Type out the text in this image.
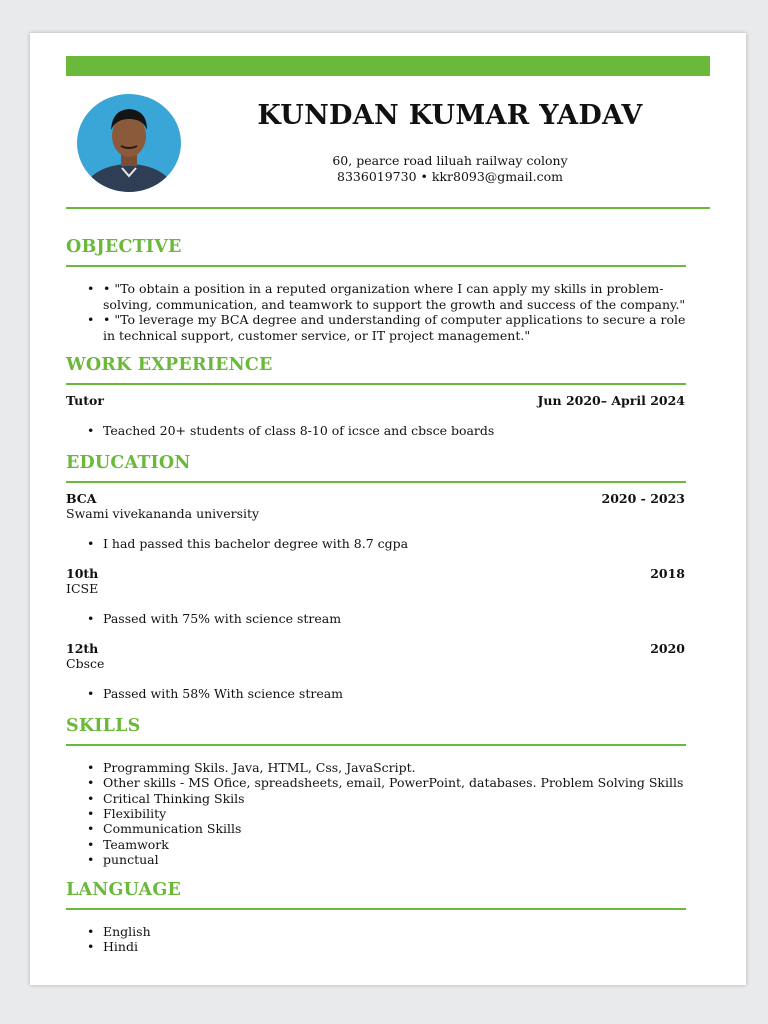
KUNDAN KUMAR YADAV
60, pearce road liluah railway colony
8336019730 • kkr8093@gmail.com
OBJECTIVE
• • "To obtain a position in a reputed organization where I can apply my skills in problem-solving, communication, and teamwork to support the growth and success of the company."
• • "To leverage my BCA degree and understanding of computer applications to secure a role in technical support, customer service, or IT project management."
WORK EXPERIENCE
Tutor	Jun 2020– April 2024
• Teached 20+ students of class 8-10 of icsce and cbsce boards
EDUCATION
BCA	2020 - 2023
Swami vivekananda university
• I had passed this bachelor degree with 8.7 cgpa
10th	2018
ICSE
• Passed with 75% with science stream
12th	2020
Cbsce
• Passed with 58% With science stream
SKILLS
• Programming Skils. Java, HTML, Css, JavaScript.
• Other skills - MS Ofice, spreadsheets, email, PowerPoint, databases. Problem Solving Skills
• Critical Thinking Skils
• Flexibility
• Communication Skills
• Teamwork
• punctual
LANGUAGE
• English
• Hindi
